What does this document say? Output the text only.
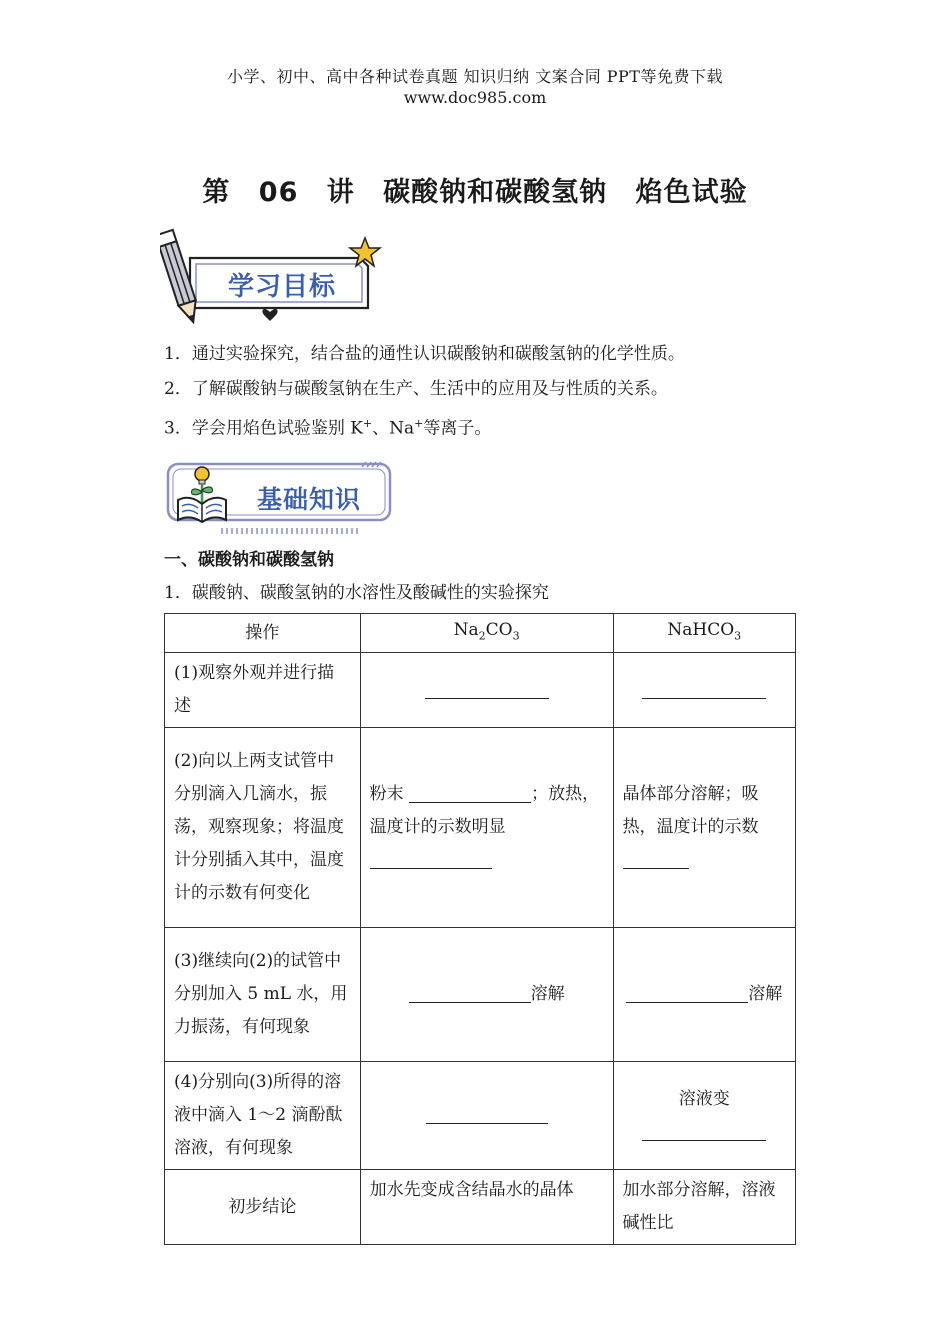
小学、初中、高中各种试卷真题 知识归纳 文案合同 PPT等免费下载
www.doc985.com
第 06 讲 碳酸钠和碳酸氢钠 焰色试验
学习目标
1．通过实验探究，结合盐的通性认识碳酸钠和碳酸氢钠的化学性质。
2．了解碳酸钠与碳酸氢钠在生产、生活中的应用及与性质的关系。
3．学会用焰色试验鉴别 K+、Na+等离子。
基础知识
一、碳酸钠和碳酸氢钠
1．碳酸钠、碳酸氢钠的水溶性及酸碱性的实验探究
操作	$Na_2CO_3$	NaHCO$_3$
(1)观察外观并进行描述		
(2)向以上两支试管中分别滴入几滴水，振荡，观察现象；将温度计分别插入其中，温度计的示数有何变化	粉末 ；放热，温度计的示数明显	晶体部分溶解；吸热，温度计的示数

(3)继续向(2)的试管中分别加入 5 mL 水，用力振荡，有何现象	溶解	溶解
(4)分别向(3)所得的溶液中滴入 1～2 滴酚酞溶液，有何现象		溶液变

初步结论	加水先变成含结晶水的晶体	加水部分溶解，溶液碱性比
